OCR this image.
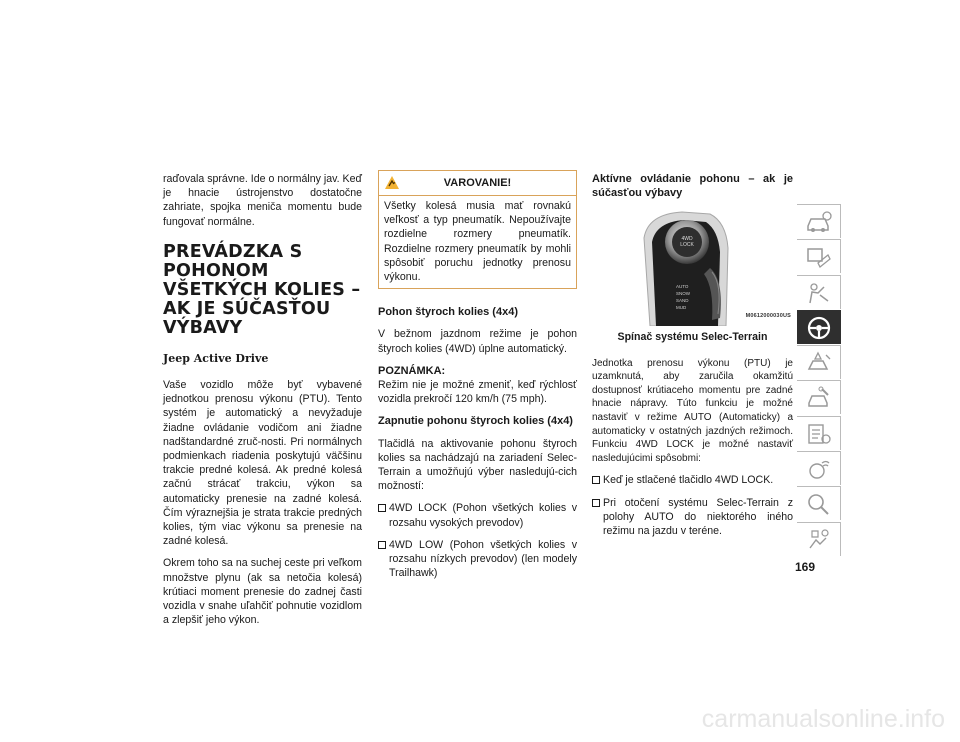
raďovala správne. Ide o normálny jav. Keď je hnacie ústrojenstvo dostatočne zahriate, spojka meniča momentu bude fungovať normálne.

PREVÁDZKA S POHONOM VŠETKÝCH KOLIES – AK JE SÚČASŤOU VÝBAVY
Jeep Active Drive

Vaše vozidlo môže byť vybavené jednotkou prenosu výkonu (PTU). Tento systém je automatický a nevyžaduje žiadne ovládanie vodičom ani žiadne nadštandardné zruč-nosti. Pri normálnych podmienkach riadenia poskytujú väčšinu trakcie predné kolesá. Ak predné kolesá začnú strácať trakciu, výkon sa automaticky prenesie na zadné kolesá. Čím výraznejšia je strata trakcie predných kolies, tým viac výkonu sa prenesie na zadné kolesá.

Okrem toho sa na suchej ceste pri veľkom množstve plynu (ak sa netočia kolesá) krútiaci moment prenesie do zadnej časti vozidla v snahe uľahčiť pohnutie vozidlom a zlepšiť jeho výkon.

VAROVANIE!
Všetky kolesá musia mať rovnakú veľkosť a typ pneumatík. Nepoužívajte rozdielne rozmery pneumatík. Rozdielne rozmery pneumatík by mohli spôsobiť poruchu jednotky prenosu výkonu.
Pohon štyroch kolies (4x4)

V bežnom jazdnom režime je pohon štyroch kolies (4WD) úplne automatický.

POZNÁMKA:
Režim nie je možné zmeniť, keď rýchlosť vozidla prekročí 120 km/h (75 mph).

Zapnutie pohonu štyroch kolies (4x4)

Tlačidlá na aktivovanie pohonu štyroch kolies sa nachádzajú na zariadení Selec-Terrain a umožňujú výber nasledujú-cich možností:

4WD LOCK (Pohon všetkých kolies v rozsahu vysokých prevodov)
4WD LOW (Pohon všetkých kolies v rozsahu nízkych prevodov) (len modely Trailhawk)
Aktívne ovládanie pohonu – ak je súčasťou výbavy
4WD
LOCK
AUTO
SNOW
SAND
MUD
M0612000030US
Spínač systému Selec-Terrain

Jednotka prenosu výkonu (PTU) je uzamknutá, aby zaručila okamžitú dostupnosť krútiaceho momentu pre zadné hnacie nápravy. Túto funkciu je možné nastaviť v režime AUTO (Automaticky) a automaticky v ostatných jazdných režimoch. Funkciu 4WD LOCK je možné nastaviť nasledujúcimi spôsobmi:

Keď je stlačené tlačidlo 4WD LOCK.
Pri otočení systému Selec-Terrain z polohy AUTO do niektorého iného režimu na jazdu v teréne.
169
carmanualsonline.info
